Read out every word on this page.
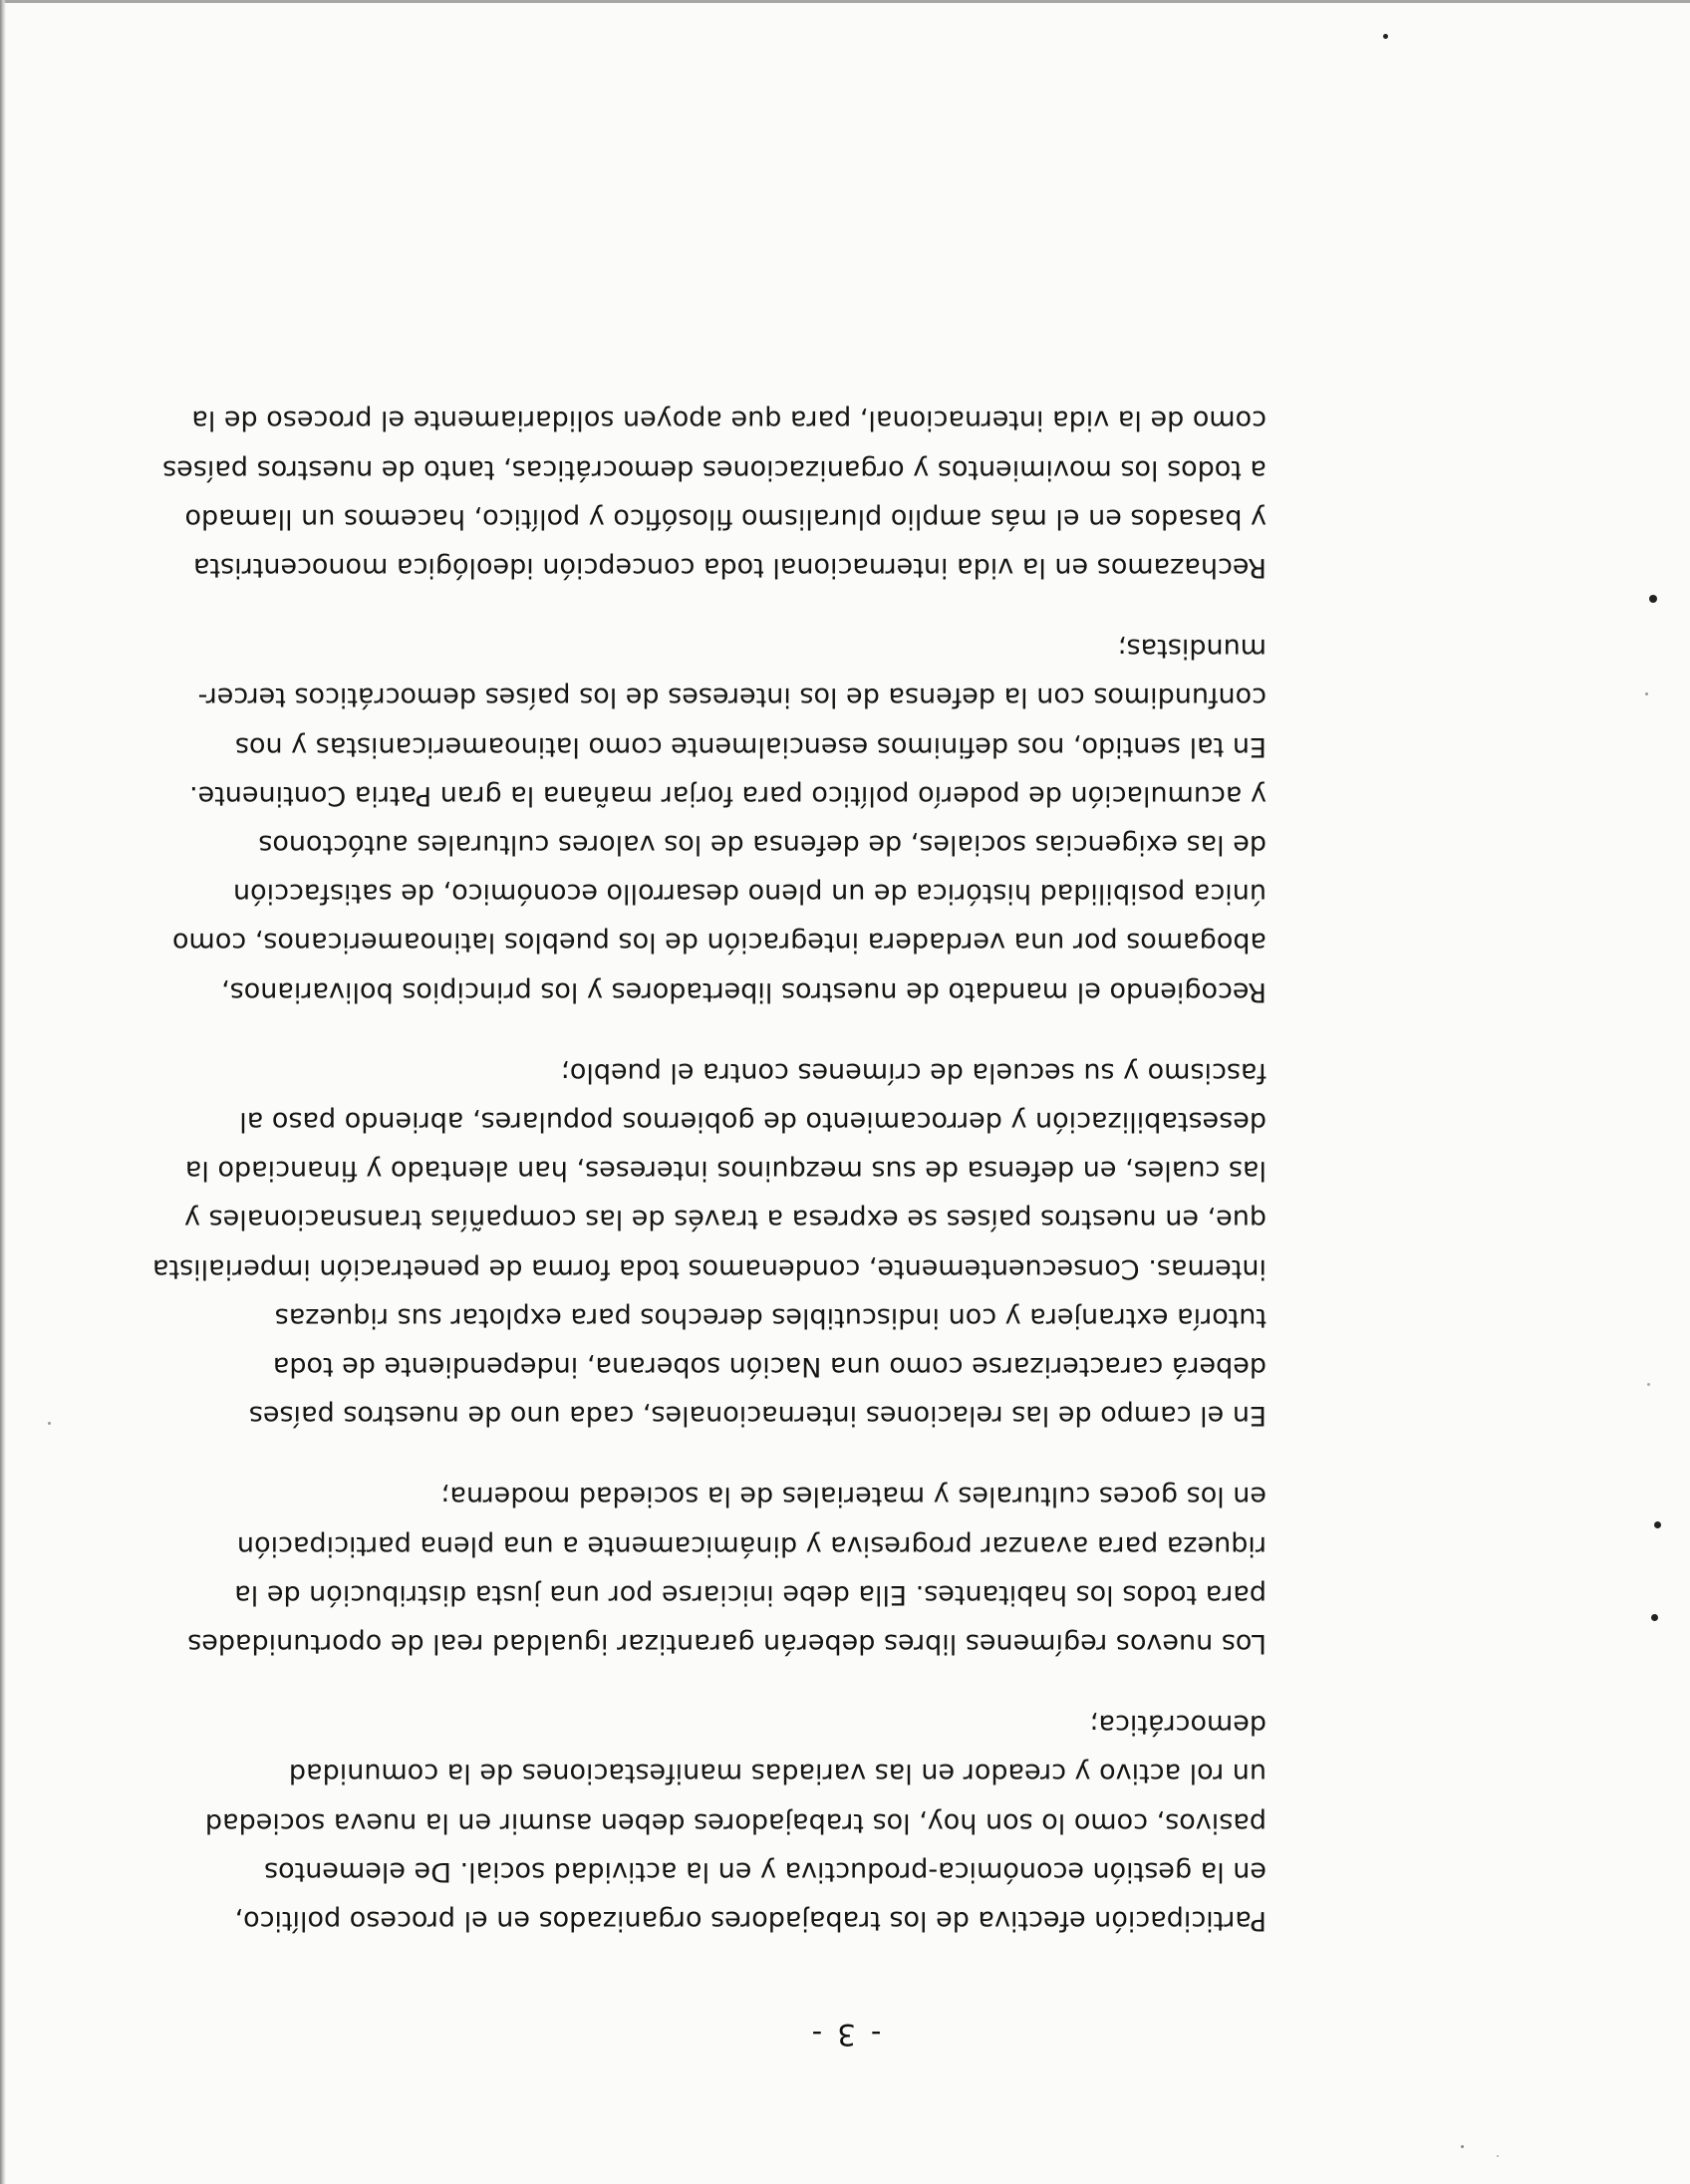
- 3 -
Participación efectiva de los trabajadores organizados en el proceso político,
en la gestión económica-productiva y en la actividad social. De elementos
pasivos, como lo son hoy, los trabajadores deben asumir en la nueva sociedad
un rol activo y creador en las variadas manifestaciones de la comunidad
democrática;
Los nuevos regímenes libres deberán garantizar igualdad real de oportunidades
para todos los habitantes. Ella debe iniciarse por una justa distribución de la
riqueza para avanzar progresiva y dinámicamente a una plena participación
en los goces culturales y materiales de la sociedad moderna;
En el campo de las relaciones internacionales, cada uno de nuestros países
deberá caracterizarse como una Nación soberana, independiente de toda
tutoría extranjera y con indiscutibles derechos para explotar sus riquezas
internas. Consecuentemente, condenamos toda forma de penetración imperialista
que, en nuestros países se expresa a través de las compañías transnacionales y
las cuales, en defensa de sus mezquinos intereses, han alentado y financiado la
desestabilización y derrocamiento de gobiernos populares, abriendo paso al
fascismo y su secuela de crímenes contra el pueblo;
Recogiendo el mandato de nuestros libertadores y los principios bolivarianos,
abogamos por una verdadera integración de los pueblos latinoamericanos, como
única posibilidad histórica de un pleno desarrollo económico, de satisfacción
de las exigencias sociales, de defensa de los valores culturales autóctonos
y acumulación de poderío político para forjar mañana la gran Patria Continente.
En tal sentido, nos definimos esencialmente como latinoamericanistas y nos
confundimos con la defensa de los intereses de los países democráticos tercer-
mundistas;
Rechazamos en la vida internacional toda concepción ideológica monocentrista
y basados en el más amplio pluralismo filosófico y político, hacemos un llamado
a todos los movimientos y organizaciones democráticas, tanto de nuestros países
como de la vida internacional, para que apoyen solidariamente el proceso de la
